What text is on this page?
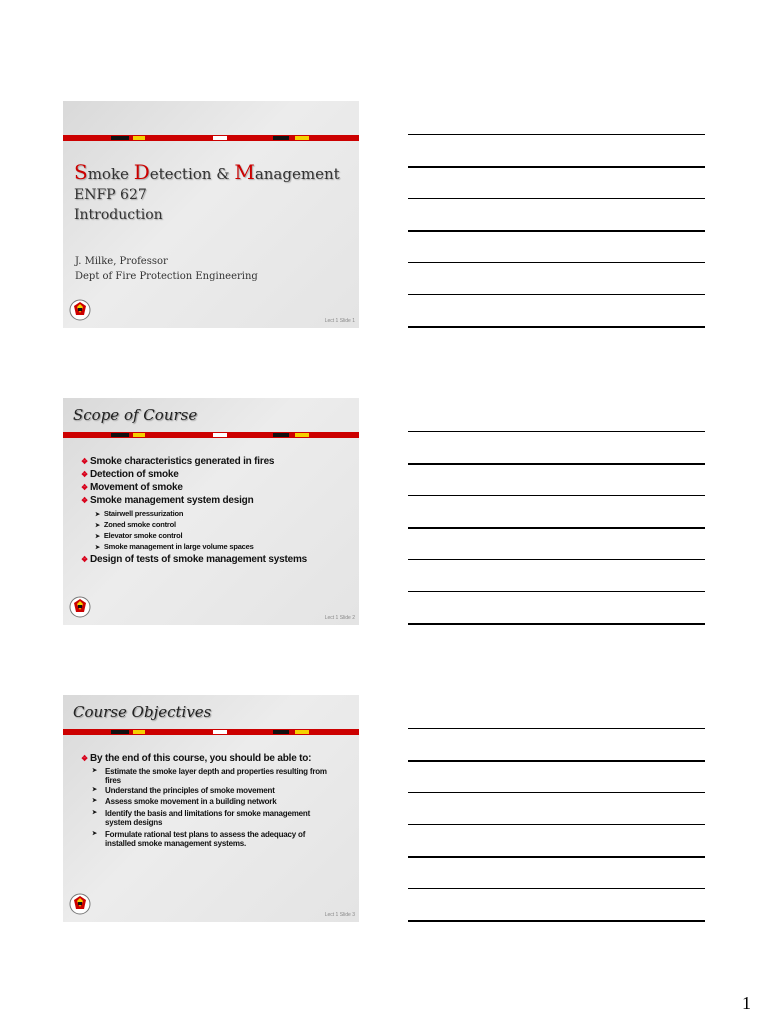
Smoke Detection & Management
ENFP 627
Introduction
J. Milke, Professor
Dept of Fire Protection Engineering
Lect 1 Slide 1
Scope of Course
❖ Smoke characteristics generated in fires
❖ Detection of smoke
❖ Movement of smoke
❖ Smoke management system design
➤ Stairwell pressurization
➤ Zoned smoke control
➤ Elevator smoke control
➤ Smoke management in large volume spaces
❖ Design of tests of smoke management systems
Lect 1 Slide 2
Course Objectives
❖ By the end of this course, you should be able to:
➤	Estimate the smoke layer depth and properties resulting from fires
➤	Understand the principles of smoke movement
➤	Assess smoke movement in a building network
➤	Identify the basis and limitations for smoke management system designs
➤	Formulate rational test plans to assess the adequacy of installed smoke management systems.
Lect 1 Slide 3
1
